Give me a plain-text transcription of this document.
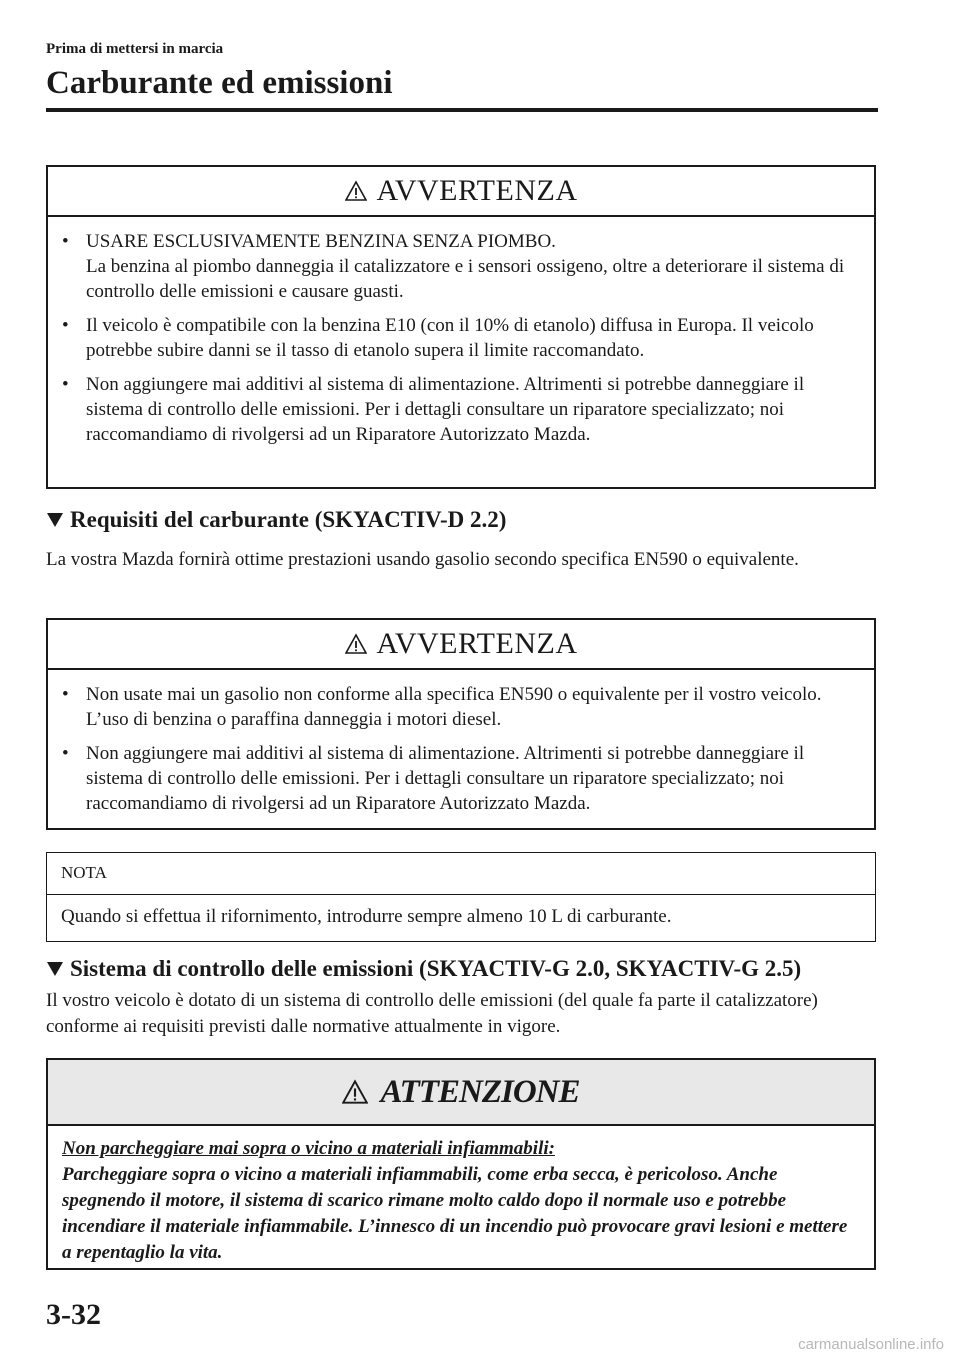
Prima di mettersi in marcia
Carburante ed emissioni
AVVERTENZA
• USARE ESCLUSIVAMENTE BENZINA SENZA PIOMBO.
La benzina al piombo danneggia il catalizzatore e i sensori ossigeno, oltre a deteriorare il sistema di controllo delle emissioni e causare guasti.
• Il veicolo è compatibile con la benzina E10 (con il 10% di etanolo) diffusa in Europa. Il veicolo potrebbe subire danni se il tasso di etanolo supera il limite raccomandato.
• Non aggiungere mai additivi al sistema di alimentazione. Altrimenti si potrebbe danneggiare il sistema di controllo delle emissioni. Per i dettagli consultare un riparatore specializzato; noi raccomandiamo di rivolgersi ad un Riparatore Autorizzato Mazda.
Requisiti del carburante (SKYACTIV-D 2.2)
La vostra Mazda fornirà ottime prestazioni usando gasolio secondo specifica EN590 o equivalente.
AVVERTENZA
• Non usate mai un gasolio non conforme alla specifica EN590 o equivalente per il vostro veicolo. L’uso di benzina o paraffina danneggia i motori diesel.
• Non aggiungere mai additivi al sistema di alimentazione. Altrimenti si potrebbe danneggiare il sistema di controllo delle emissioni. Per i dettagli consultare un riparatore specializzato; noi raccomandiamo di rivolgersi ad un Riparatore Autorizzato Mazda.
NOTA
Quando si effettua il rifornimento, introdurre sempre almeno 10 L di carburante.
Sistema di controllo delle emissioni (SKYACTIV-G 2.0, SKYACTIV-G 2.5)
Il vostro veicolo è dotato di un sistema di controllo delle emissioni (del quale fa parte il catalizzatore) conforme ai requisiti previsti dalle normative attualmente in vigore.
ATTENZIONE
Non parcheggiare mai sopra o vicino a materiali infiammabili:
Parcheggiare sopra o vicino a materiali infiammabili, come erba secca, è pericoloso. Anche spegnendo il motore, il sistema di scarico rimane molto caldo dopo il normale uso e potrebbe incendiare il materiale infiammabile. L’innesco di un incendio può provocare gravi lesioni e mettere a repentaglio la vita.
3-32
carmanualsonline.info
